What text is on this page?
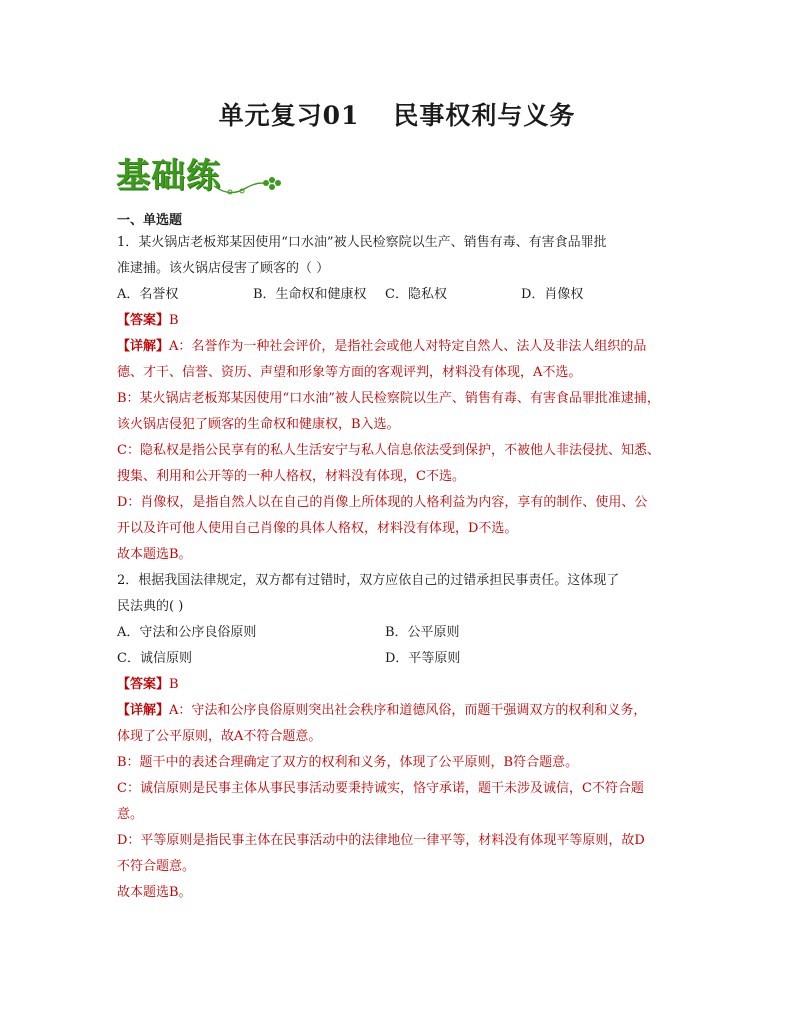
单元复习01 民事权利与义务
基础练
一、单选题
1．某火锅店老板郑某因使用“口水油”被人民检察院以生产、销售有毒、有害食品罪批
准逮捕。该火锅店侵害了顾客的（ ）
A．名誉权	B．生命权和健康权	C．隐私权	D．肖像权
【答案】B
【详解】A：名誉作为一种社会评价，是指社会或他人对特定自然人、法人及非法人组织的品
德、才干、信誉、资历、声望和形象等方面的客观评判，材料没有体现，A不选。
B：某火锅店老板郑某因使用“口水油”被人民检察院以生产、销售有毒、有害食品罪批准逮捕，
该火锅店侵犯了顾客的生命权和健康权，B入选。
C：隐私权是指公民享有的私人生活安宁与私人信息依法受到保护，不被他人非法侵扰、知悉、
搜集、利用和公开等的一种人格权，材料没有体现，C不选。
D：肖像权，是指自然人以在自己的肖像上所体现的人格利益为内容，享有的制作、使用、公
开以及许可他人使用自己肖像的具体人格权，材料没有体现，D不选。
故本题选B。
2．根据我国法律规定，双方都有过错时，双方应依自己的过错承担民事责任。这体现了
民法典的( )
A．守法和公序良俗原则	B．公平原则
C．诚信原则	D．平等原则
【答案】B
【详解】A：守法和公序良俗原则突出社会秩序和道德风俗，而题干强调双方的权利和义务，
体现了公平原则，故A不符合题意。
B：题干中的表述合理确定了双方的权利和义务，体现了公平原则，B符合题意。
C：诚信原则是民事主体从事民事活动要秉持诚实，恪守承诺，题干未涉及诚信，C不符合题
意。
D：平等原则是指民事主体在民事活动中的法律地位一律平等，材料没有体现平等原则，故D
不符合题意。
故本题选B。
